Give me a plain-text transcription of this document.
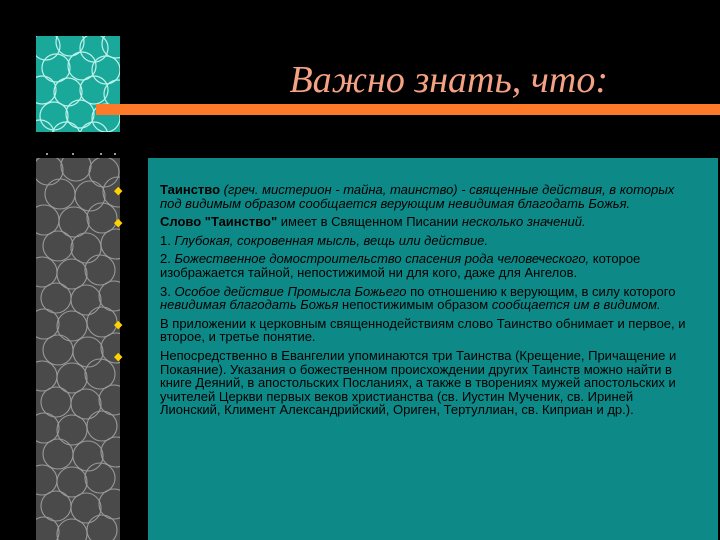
Важно знать, что:
◆	Таинство (греч. мистерион - тайна, таинство) - священные действия, в которых под видимым образом сообщается верующим невидимая благодать Божья.
◆	Слово "Таинство" имеет в Священном Писании несколько значений.
1. Глубокая, сокровенная мысль, вещь или действие.
2. Божественное домостроительство спасения рода человеческого, которое изображается тайной, непостижимой ни для кого, даже для Ангелов.
3. Особое действие Промысла Божьего по отношению к верующим, в силу которого невидимая благодать Божья непостижимым образом сообщается им в видимом.
◆	В приложении к церковным священнодействиям слово Таинство обнимает и первое, и второе, и третье понятие.
◆	Непосредственно в Евангелии упоминаются три Таинства (Крещение, Причащение и Покаяние). Указания о божественном происхождении других Таинств можно найти в книге Деяний, в апостольских Посланиях, а также в творениях мужей апостольских и учителей Церкви первых веков христианства (св. Иустин Мученик, св. Ириней Лионский, Климент Александрийский, Ориген, Тертуллиан, св. Киприан и др.).
